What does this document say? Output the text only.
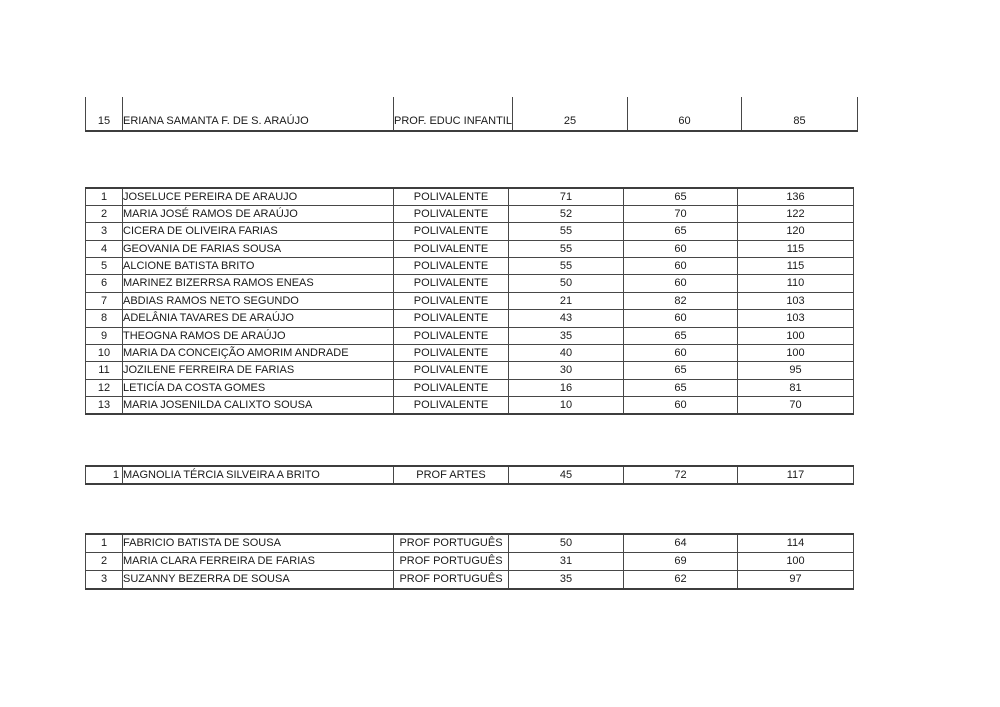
15	ERIANA SAMANTA F. DE S. ARAÚJO	PROF. EDUC INFANTIL	25	60	85
1	JOSELUCE PEREIRA DE ARAUJO	POLIVALENTE	71	65	136
2	MARIA JOSÉ RAMOS DE ARAÚJO	POLIVALENTE	52	70	122
3	CICERA DE OLIVEIRA FARIAS	POLIVALENTE	55	65	120
4	GEOVANIA DE FARIAS SOUSA	POLIVALENTE	55	60	115
5	ALCIONE BATISTA BRITO	POLIVALENTE	55	60	115
6	MARINEZ BIZERRSA RAMOS ENEAS	POLIVALENTE	50	60	110
7	ABDIAS RAMOS NETO SEGUNDO	POLIVALENTE	21	82	103
8	ADELÂNIA TAVARES DE ARAÚJO	POLIVALENTE	43	60	103
9	THEOGNA RAMOS DE ARAÚJO	POLIVALENTE	35	65	100
10	MARIA DA CONCEIÇÃO AMORIM ANDRADE	POLIVALENTE	40	60	100
11	JOZILENE FERREIRA DE FARIAS	POLIVALENTE	30	65	95
12	LETICÍA DA COSTA GOMES	POLIVALENTE	16	65	81
13	MARIA JOSENILDA CALIXTO SOUSA	POLIVALENTE	10	60	70
1	MAGNOLIA TÉRCIA SILVEIRA A BRITO	PROF ARTES	45	72	117
1	FABRICIO BATISTA DE SOUSA	PROF PORTUGUÊS	50	64	114
2	MARIA CLARA FERREIRA DE FARIAS	PROF PORTUGUÊS	31	69	100
3	SUZANNY BEZERRA DE SOUSA	PROF PORTUGUÊS	35	62	97
